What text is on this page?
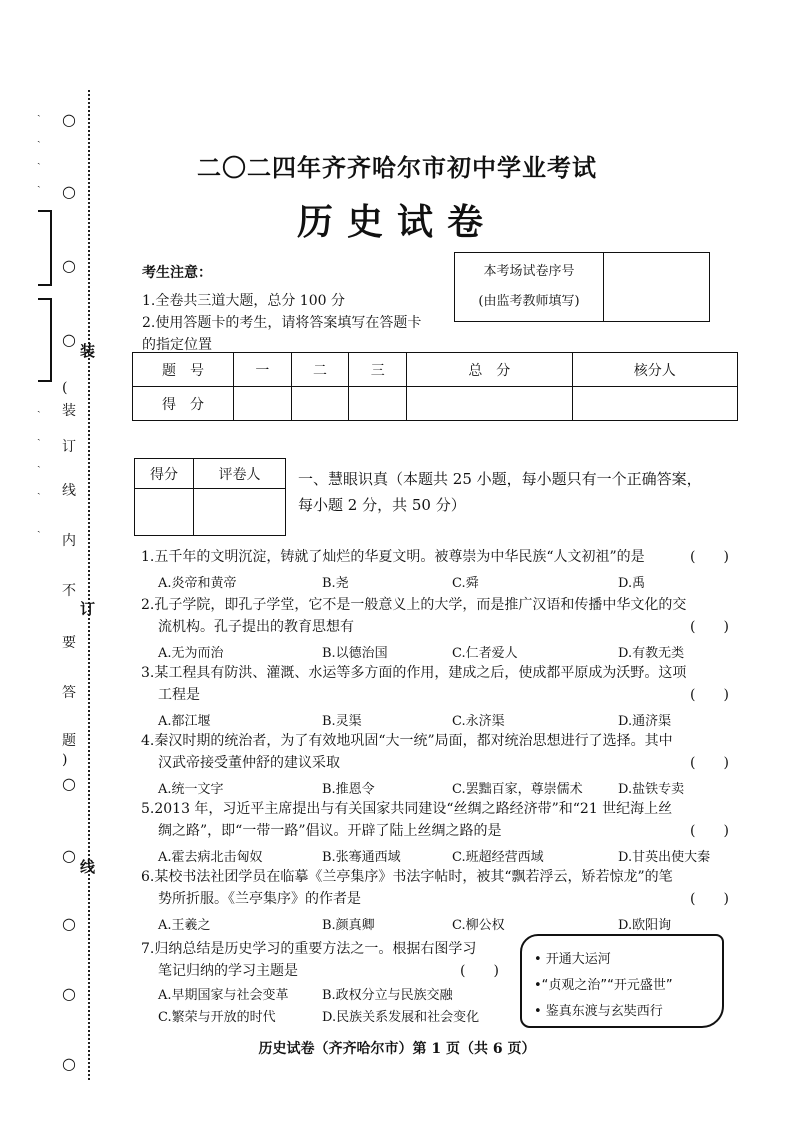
ˏ
ˏ
ˏ
ˏ
ˏ
ˏ
ˏ
ˏ
ˏ
○
○
○
○
○
○
○
○
○
(
装
订
线
内
不
要
答
题
)
装
订
线
二〇二四年齐齐哈尔市初中学业考试
历史试卷
考生注意：
1.全卷共三道大题，总分 100 分
2.使用答题卡的考生，请将答案填写在答题卡
的指定位置
本考场试卷序号
(由监考教师填写)

题　号	一	二	三	总　分	核分人
得　分					
得分	评卷人
		一、慧眼识真（本题共 25 小题，每小题只有一个正确答案，
每小题 2 分，共 50 分）
1.五千年的文明沉淀，铸就了灿烂的华夏文明。被尊崇为中华民族“人文初祖”的是	(　　)
A.炎帝和黄帝	B.尧	C.舜	D.禹
2.孔子学院，即孔子学堂，它不是一般意义上的大学，而是推广汉语和传播中华文化的交
流机构。孔子提出的教育思想有	(　　)
A.无为而治	B.以德治国	C.仁者爱人	D.有教无类
3.某工程具有防洪、灌溉、水运等多方面的作用，建成之后，使成都平原成为沃野。这项
工程是	(　　)
A.都江堰	B.灵渠	C.永济渠	D.通济渠
4.秦汉时期的统治者，为了有效地巩固“大一统”局面，都对统治思想进行了选择。其中
汉武帝接受董仲舒的建议采取	(　　)
A.统一文字	B.推恩令	C.罢黜百家，尊崇儒术	D.盐铁专卖
5.2013 年，习近平主席提出与有关国家共同建设“丝绸之路经济带”和“21 世纪海上丝
绸之路”，即“一带一路”倡议。开辟了陆上丝绸之路的是	(　　)
A.霍去病北击匈奴	B.张骞通西域	C.班超经营西域	D.甘英出使大秦
6.某校书法社团学员在临摹《兰亭集序》书法字帖时，被其“飘若浮云，矫若惊龙”的笔
势所折服。《兰亭集序》的作者是	(　　)
A.王羲之	B.颜真卿	C.柳公权	D.欧阳询
7.归纳总结是历史学习的重要方法之一。根据右图学习
笔记归纳的学习主题是	(　　)
A.早期国家与社会变革	B.政权分立与民族交融
C.繁荣与开放的时代	D.民族关系发展和社会变化
• 开通大运河
•“贞观之治”“开元盛世”
• 鉴真东渡与玄奘西行
历史试卷（齐齐哈尔市）第 1 页（共 6 页）
